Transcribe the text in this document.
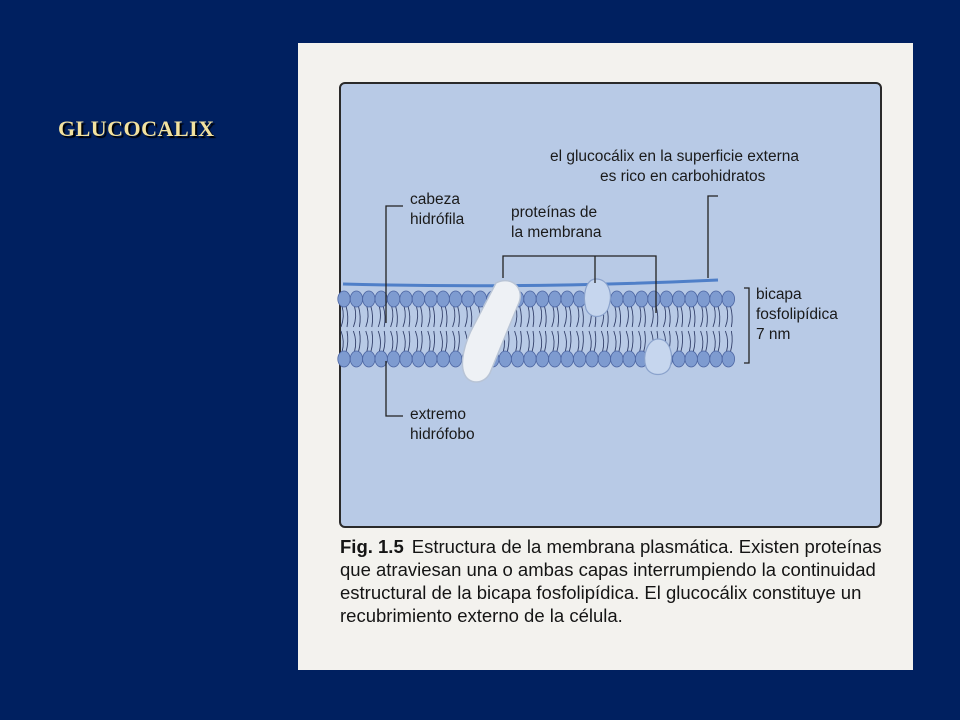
GLUCOCALIX

el glucocálix en la superficie externa
es rico en carbohidratos

cabeza
hidrófila	proteínas de
la membrana

bicapa
fosfolipídica
7 nm

extremo
hidrófobo

Fig. 1.5 Estructura de la membrana plasmática. Existen proteínas que atraviesan una o ambas capas interrumpiendo la continuidad estructural de la bicapa fosfolipídica. El glucocálix constituye un recubrimiento externo de la célula.
